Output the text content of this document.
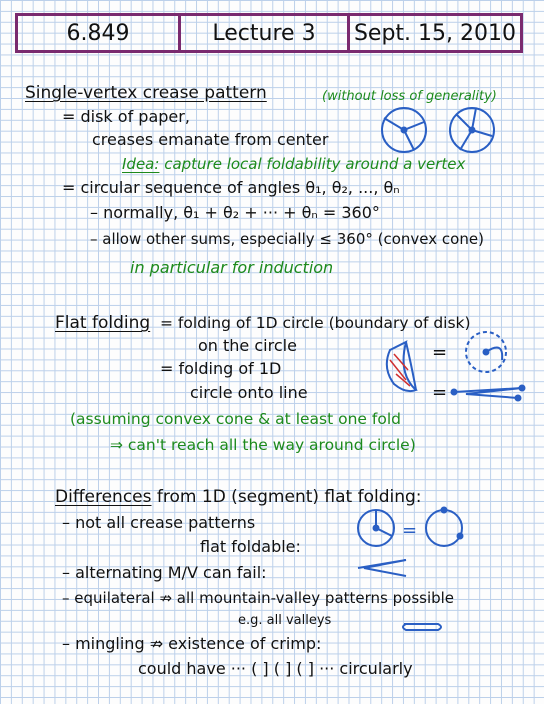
6.849	Lecture 3	Sept. 15, 2010
Single-vertex crease pattern	(without loss of generality)
= disk of paper,
creases emanate from center
Idea: capture local foldability around a vertex
= circular sequence of angles θ₁, θ₂, ..., θₙ
– normally, θ₁ + θ₂ + ··· + θₙ = 360°
– allow other sums, especially ≤ 360° (convex cone)
in particular for induction
Flat folding = folding of 1D circle (boundary of disk)
on the circle
= folding of 1D
circle onto line
(assuming convex cone & at least one fold
⇒ can't reach all the way around circle)
=
=
Differences from 1D (segment) flat folding:
– not all crease patterns
flat foldable:
– alternating M/V can fail:
– equilateral ⇏ all mountain-valley patterns possible
e.g. all valleys
– mingling ⇏ existence of crimp:
could have ··· ( ] ( ] ( ] ··· circularly
=
